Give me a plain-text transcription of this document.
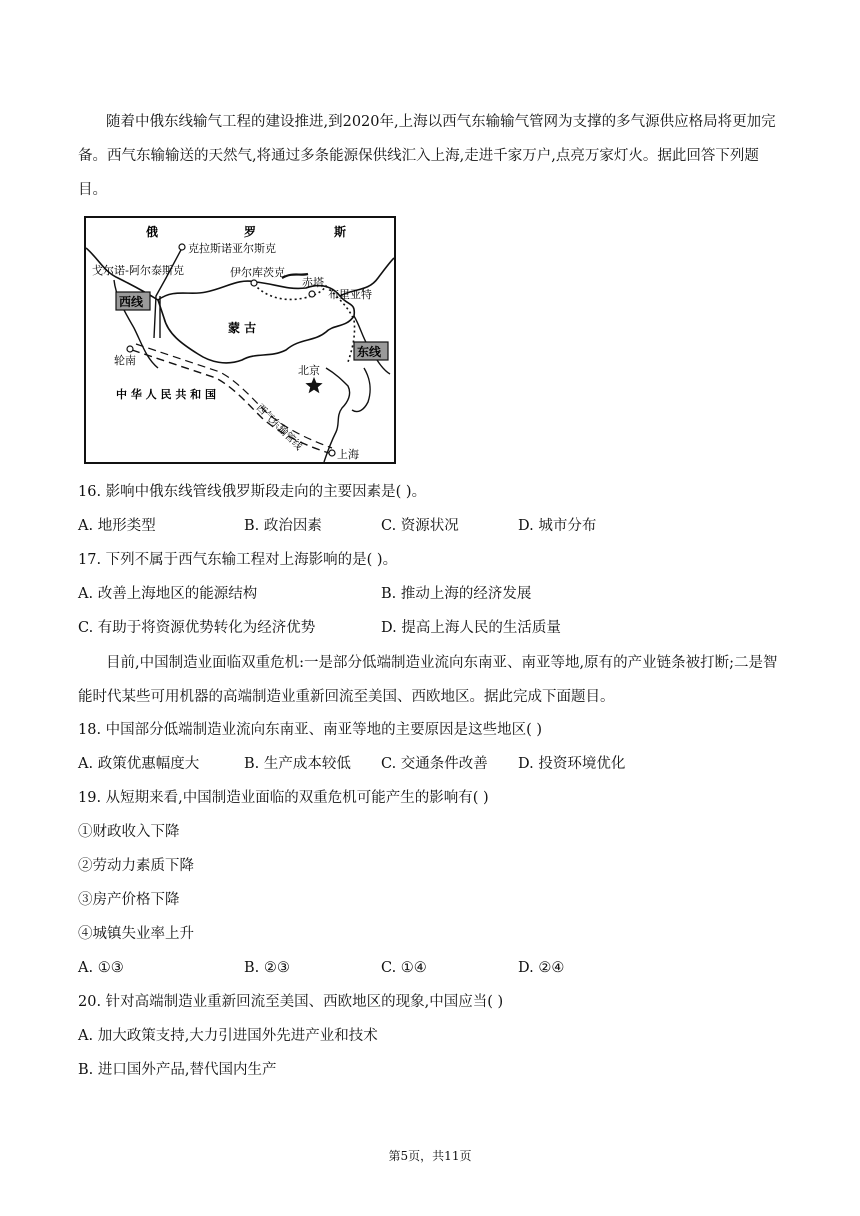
随着中俄东线输气工程的建设推进,到2020年,上海以西气东输输气管网为支撑的多气源供应格局将更加完备。西气东输输送的天然气,将通过多条能源保供线汇入上海,走进千家万户,点亮万家灯火。据此回答下列题目。

俄	罗	斯
克拉斯诺亚尔斯克
戈尔诺-阿尔泰斯克	伊尔库茨克
赤塔
布里亚特
蒙 古
轮南
北京
中 华 人 民 共 和 国
上海
西气东输管线
西线
东线
16. 影响中俄东线管线俄罗斯段走向的主要因素是( )。
A. 地形类型	B. 政治因素	C. 资源状况	D. 城市分布
17. 下列不属于西气东输工程对上海影响的是( )。
A. 改善上海地区的能源结构	B. 推动上海的经济发展
C. 有助于将资源优势转化为经济优势	D. 提高上海人民的生活质量

目前,中国制造业面临双重危机:一是部分低端制造业流向东南亚、南亚等地,原有的产业链条被打断;二是智能时代某些可用机器的高端制造业重新回流至美国、西欧地区。据此完成下面题目。

18. 中国部分低端制造业流向东南亚、南亚等地的主要原因是这些地区( )
A. 政策优惠幅度大	B. 生产成本较低 C. 交通条件改善 D. 投资环境优化
19. 从短期来看,中国制造业面临的双重危机可能产生的影响有( )
①财政收入下降
②劳动力素质下降
③房产价格下降
④城镇失业率上升
A. ①③	B. ②③	C. ①④	D. ②④
20. 针对高端制造业重新回流至美国、西欧地区的现象,中国应当( )
A. 加大政策支持,大力引进国外先进产业和技术
B. 进口国外产品,替代国内生产
第5页，共11页
